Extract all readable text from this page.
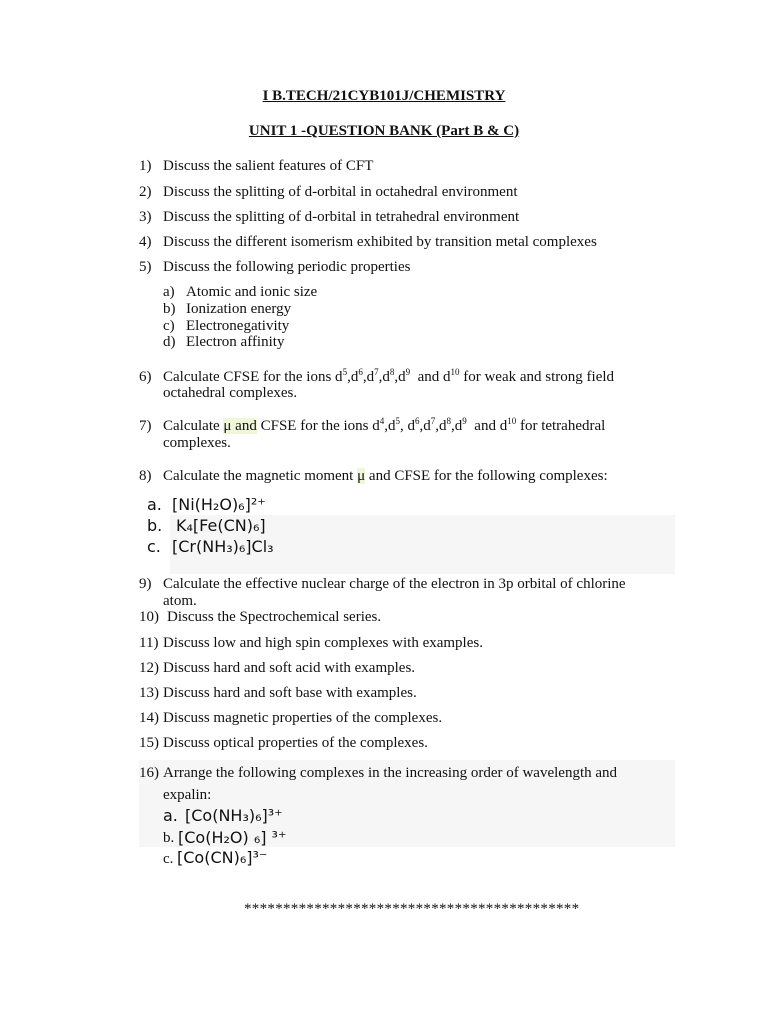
I B.TECH/21CYB101J/CHEMISTRY
UNIT 1 -QUESTION BANK (Part B & C)
1) Discuss the salient features of CFT
2) Discuss the splitting of d-orbital in octahedral environment
3) Discuss the splitting of d-orbital in tetrahedral environment
4) Discuss the different isomerism exhibited by transition metal complexes
5) Discuss the following periodic properties
a) Atomic and ionic size
b) Ionization energy
c) Electronegativity
d) Electron affinity
6) Calculate CFSE for the ions $d^5,d^6,d^7,d^8,d^9$  and $d^{10}$ for weak and strong field
octahedral complexes.
7) Calculate μ and CFSE for the ions $d^4,d^5$, $d^6,d^7,d^8,d^9$  and $d^{10}$ for tetrahedral
complexes.
8) Calculate the magnetic moment μ and CFSE for the following complexes:
a. [Ni(H₂O)₆]²⁺
b. K₄[Fe(CN)₆]
c. [Cr(NH₃)₆]Cl₃
9) Calculate the effective nuclear charge of the electron in 3p orbital of chlorine
atom.
10) Discuss the Spectrochemical series.
11) Discuss low and high spin complexes with examples.
12) Discuss hard and soft acid with examples.
13) Discuss hard and soft base with examples.
14) Discuss magnetic properties of the complexes.
15) Discuss optical properties of the complexes.
16) Arrange the following complexes in the increasing order of wavelength and
expalin:
a. [Co(NH₃)₆]³⁺
b. [Co(H₂O) ₆] ³⁺
c. [Co(CN)₆]³⁻
*******************************************
